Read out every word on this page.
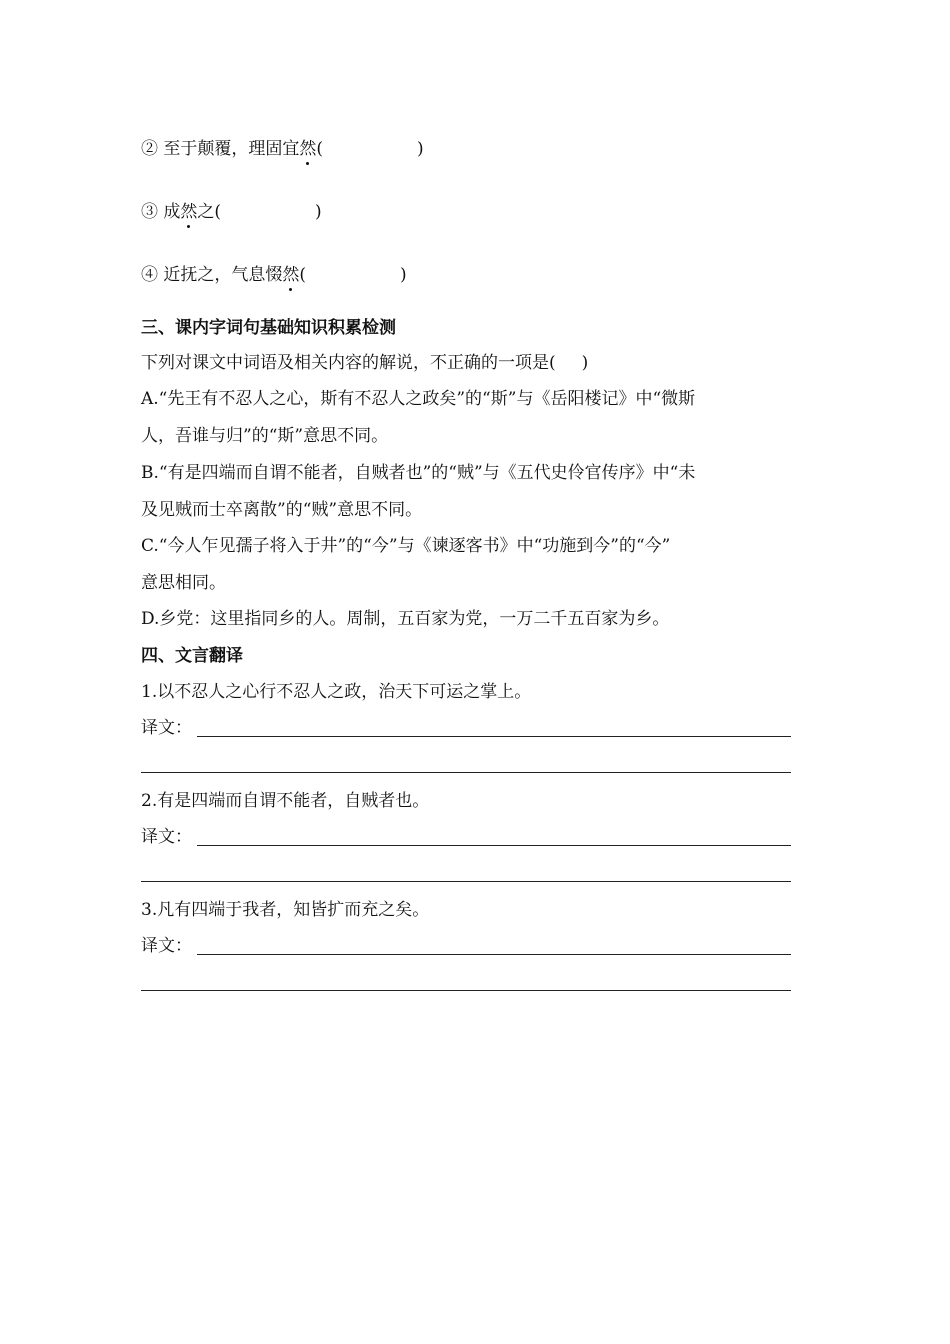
② 至于颠覆，理固宜然(	)
③ 成然之(	)
④ 近抚之，气息惙然(	)
三、课内字词句基础知识积累检测
下列对课文中词语及相关内容的解说，不正确的一项是( )
A.“先王有不忍人之心，斯有不忍人之政矣”的“斯”与《岳阳楼记》中“微斯
人，吾谁与归”的“斯”意思不同。
B.“有是四端而自谓不能者，自贼者也”的“贼”与《五代史伶官传序》中“未
及见贼而士卒离散”的“贼”意思不同。
C.“今人乍见孺子将入于井”的“今”与《谏逐客书》中“功施到今”的“今”
意思相同。
D.乡党：这里指同乡的人。周制，五百家为党，一万二千五百家为乡。
四、文言翻译
1.以不忍人之心行不忍人之政，治天下可运之掌上。
译文：
2.有是四端而自谓不能者，自贼者也。
译文：
3.凡有四端于我者，知皆扩而充之矣。
译文：
